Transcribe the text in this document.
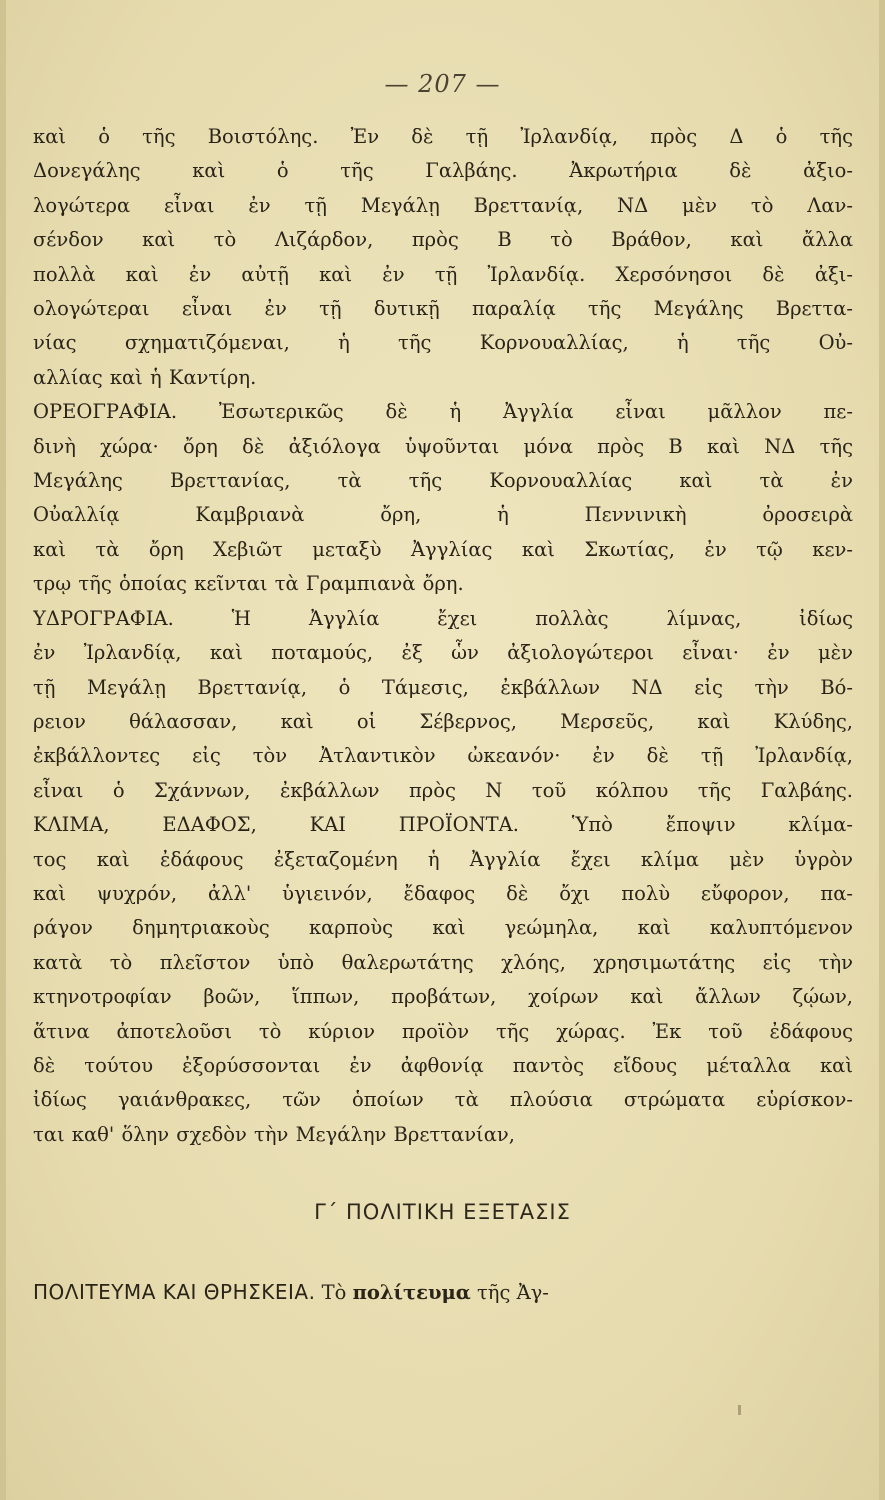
— 207 —
καὶ ὁ τῆς Βοιστόλης. Ἐν δὲ τῇ Ἰρλανδίᾳ, πρὸς Δ ὁ τῆς
Δονεγάλης καὶ ὁ τῆς Γαλβάης. Ἀκρωτήρια δὲ ἀξιο-
λογώτερα εἶναι ἐν τῇ Μεγάλῃ Βρεττανίᾳ, ΝΔ μὲν τὸ Λαν-
σένδον καὶ τὸ Λιζάρδον, πρὸς Β τὸ Βράθον, καὶ ἄλλα
πολλὰ καὶ ἐν αὐτῇ καὶ ἐν τῇ Ἰρλανδίᾳ. Χερσόνησοι δὲ ἀξι-
ολογώτεραι εἶναι ἐν τῇ δυτικῇ παραλίᾳ τῆς Μεγάλης Βρεττα-
νίας σχηματιζόμεναι, ἡ τῆς Κορνουαλλίας, ἡ τῆς Οὐ-
αλλίας καὶ ἡ Καντίρη.
ΟΡΕΟΓΡΑΦΙΑ. Ἐσωτερικῶς δὲ ἡ Ἀγγλία εἶναι μᾶλλον πε-
δινὴ χώρα· ὄρη δὲ ἀξιόλογα ὑψοῦνται μόνα πρὸς Β καὶ ΝΔ τῆς
Μεγάλης Βρεττανίας, τὰ τῆς Κορνουαλλίας καὶ τὰ ἐν
Οὐαλλίᾳ Καμβριανὰ ὄρη, ἡ Πεννινικὴ ὀροσειρὰ
καὶ τὰ ὄρη Χεβιῶτ μεταξὺ Ἀγγλίας καὶ Σκωτίας, ἐν τῷ κεν-
τρῳ τῆς ὁποίας κεῖνται τὰ Γραμπιανὰ ὄρη.
ΥΔΡΟΓΡΑΦΙΑ. Ἡ Ἀγγλία ἔχει πολλὰς λίμνας, ἰδίως
ἐν Ἰρλανδίᾳ, καὶ ποταμούς, ἐξ ὧν ἀξιολογώτεροι εἶναι· ἐν μὲν
τῇ Μεγάλῃ Βρεττανίᾳ, ὁ Τάμεσις, ἐκβάλλων ΝΔ εἰς τὴν Βό-
ρειον θάλασσαν, καὶ οἱ Σέβερνος, Μερσεῦς, καὶ Κλύδης,
ἐκβάλλοντες εἰς τὸν Ἀτλαντικὸν ὠκεανόν· ἐν δὲ τῇ Ἰρλανδίᾳ,
εἶναι ὁ Σχάννων, ἐκβάλλων πρὸς Ν τοῦ κόλπου τῆς Γαλβάης.
ΚΛΙΜΑ, ΕΔΑΦΟΣ, ΚΑΙ ΠΡΟΪΟΝΤΑ. Ὑπὸ ἔποψιν κλίμα-
τος καὶ ἐδάφους ἐξεταζομένη ἡ Ἀγγλία ἔχει κλίμα μὲν ὑγρὸν
καὶ ψυχρόν, ἀλλ' ὑγιεινόν, ἔδαφος δὲ ὄχι πολὺ εὔφορον, πα-
ράγον δημητριακοὺς καρποὺς καὶ γεώμηλα, καὶ καλυπτόμενον
κατὰ τὸ πλεῖστον ὑπὸ θαλερωτάτης χλόης, χρησιμωτάτης εἰς τὴν
κτηνοτροφίαν βοῶν, ἵππων, προβάτων, χοίρων καὶ ἄλλων ζῴων,
ἅτινα ἀποτελοῦσι τὸ κύριον προϊὸν τῆς χώρας. Ἐκ τοῦ ἐδάφους
δὲ τούτου ἐξορύσσονται ἐν ἀφθονίᾳ παντὸς εἴδους μέταλλα καὶ
ἰδίως γαιάνθρακες, τῶν ὁποίων τὰ πλούσια στρώματα εὑρίσκον-
ται καθ' ὅλην σχεδὸν τὴν Μεγάλην Βρεττανίαν,
Γ΄ ΠΟΛΙΤΙΚΗ ΕΞΕΤΑΣΙΣ
ΠΟΛΙΤΕΥΜΑ ΚΑΙ ΘΡΗΣΚΕΙΑ. Τὸ πολίτευμα τῆς Ἀγ-
